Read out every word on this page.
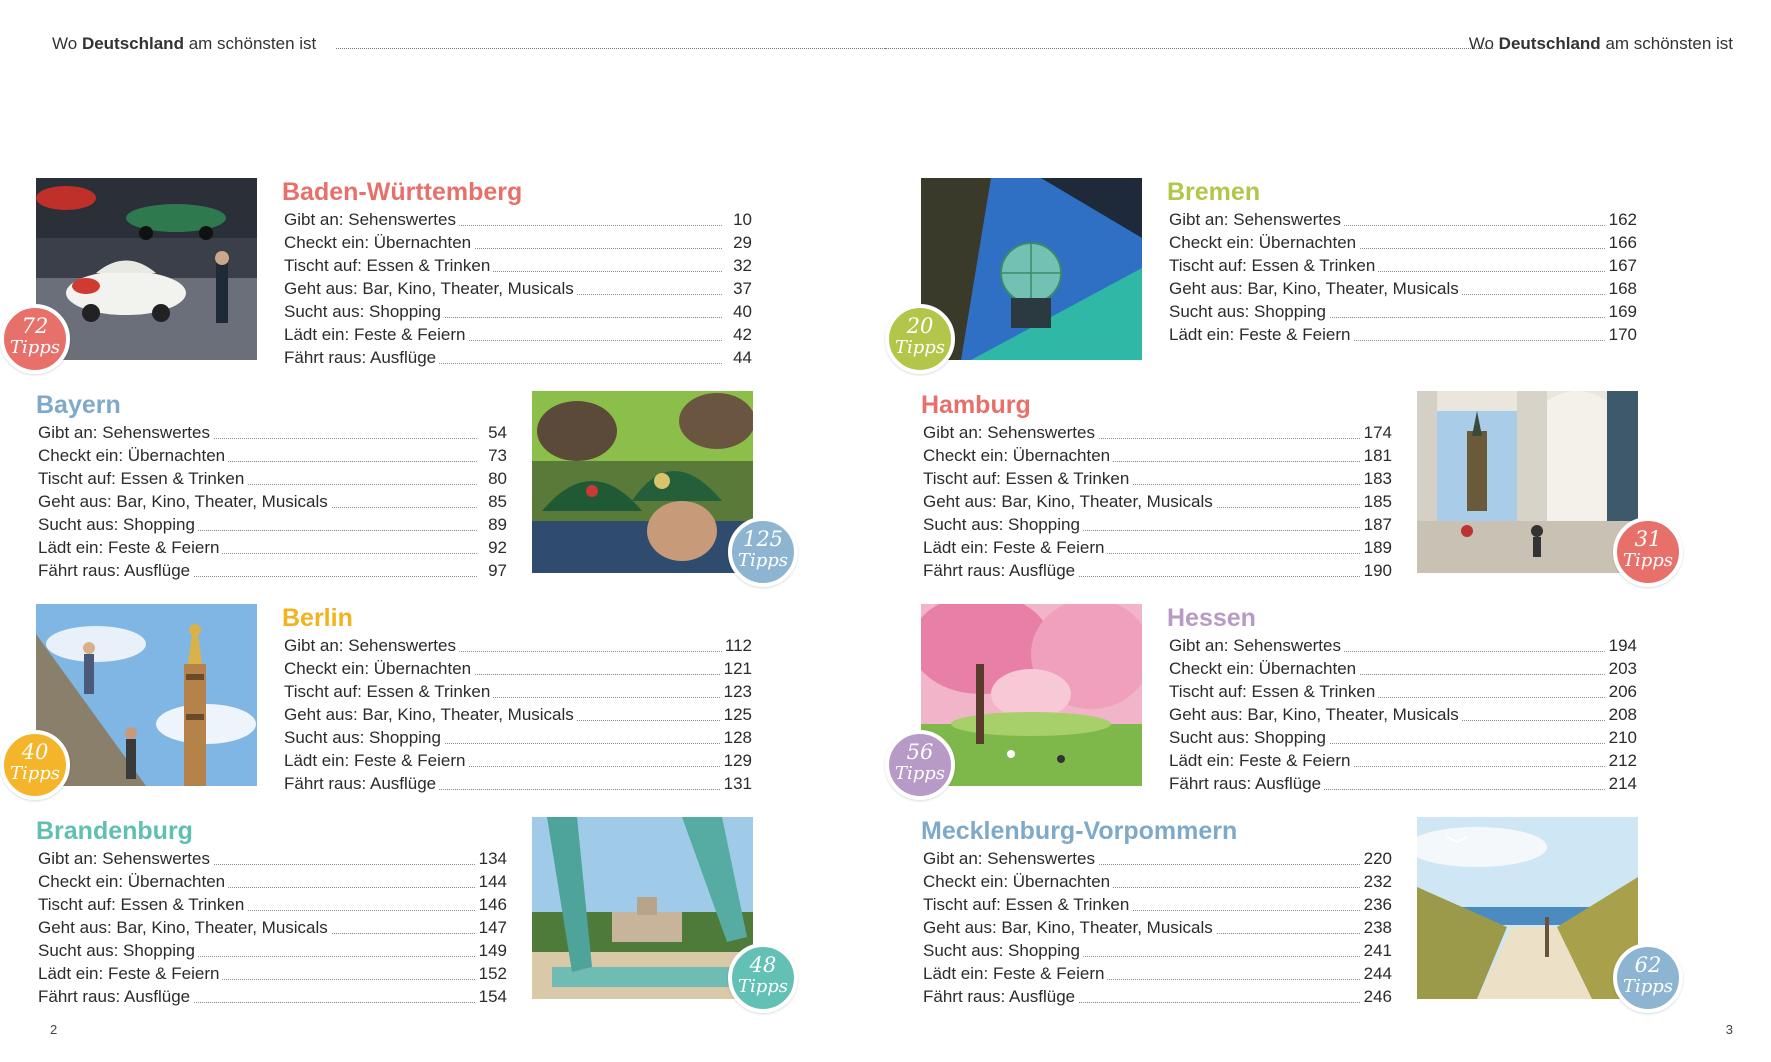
Wo Deutschland am schönsten ist
72
Tipps
Baden-Württemberg
Gibt an: Sehenswertes	10
Checkt ein: Übernachten	29
Tischt auf: Essen & Trinken	32
Geht aus: Bar, Kino, Theater, Musicals	37
Sucht aus: Shopping	40
Lädt ein: Feste & Feiern	42
Fährt raus: Ausflüge	44
Bayern
Gibt an: Sehenswertes	54
Checkt ein: Übernachten	73
Tischt auf: Essen & Trinken	80
Geht aus: Bar, Kino, Theater, Musicals	85
Sucht aus: Shopping	89
Lädt ein: Feste & Feiern	92
Fährt raus: Ausflüge	97
125
Tipps
40
Tipps
Berlin
Gibt an: Sehenswertes	112
Checkt ein: Übernachten	121
Tischt auf: Essen & Trinken	123
Geht aus: Bar, Kino, Theater, Musicals	125
Sucht aus: Shopping	128
Lädt ein: Feste & Feiern	129
Fährt raus: Ausflüge	131
Brandenburg
Gibt an: Sehenswertes	134
Checkt ein: Übernachten	144
Tischt auf: Essen & Trinken	146
Geht aus: Bar, Kino, Theater, Musicals	147
Sucht aus: Shopping	149
Lädt ein: Feste & Feiern	152
Fährt raus: Ausflüge	154
48
Tipps
2
Wo Deutschland am schönsten ist
20
Tipps
Bremen
Gibt an: Sehenswertes	162
Checkt ein: Übernachten	166
Tischt auf: Essen & Trinken	167
Geht aus: Bar, Kino, Theater, Musicals	168
Sucht aus: Shopping	169
Lädt ein: Feste & Feiern	170
Hamburg
Gibt an: Sehenswertes	174
Checkt ein: Übernachten	181
Tischt auf: Essen & Trinken	183
Geht aus: Bar, Kino, Theater, Musicals	185
Sucht aus: Shopping	187
Lädt ein: Feste & Feiern	189
Fährt raus: Ausflüge	190
31
Tipps
56
Tipps
Hessen
Gibt an: Sehenswertes	194
Checkt ein: Übernachten	203
Tischt auf: Essen & Trinken	206
Geht aus: Bar, Kino, Theater, Musicals	208
Sucht aus: Shopping	210
Lädt ein: Feste & Feiern	212
Fährt raus: Ausflüge	214
Mecklenburg-Vorpommern
Gibt an: Sehenswertes	220
Checkt ein: Übernachten	232
Tischt auf: Essen & Trinken	236
Geht aus: Bar, Kino, Theater, Musicals	238
Sucht aus: Shopping	241
Lädt ein: Feste & Feiern	244
Fährt raus: Ausflüge	246
62
Tipps
3
